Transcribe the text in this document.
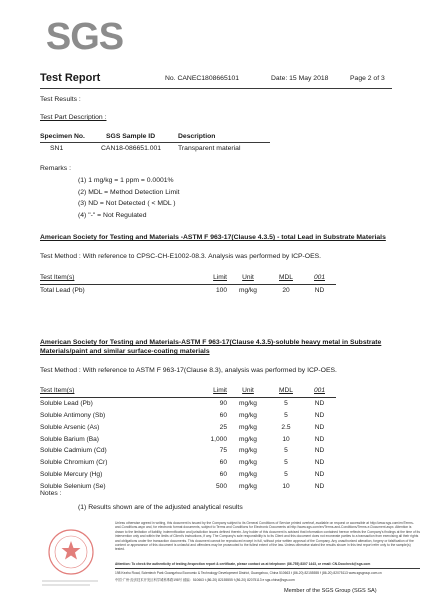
SGS
Test Report	No. CANEC1808665101	Date: 15 May 2018	Page 2 of 3
Test Results :
Test Part Description :
Specimen No.	SGS Sample ID	Description
SN1	CAN18-086651.001 Transparent material
Remarks :
(1) 1 mg/kg = 1 ppm = 0.0001%
(2) MDL = Method Detection Limit
(3) ND = Not Detected ( < MDL )
(4) "-" = Not Regulated
American Society for Testing and Materials -ASTM F 963-17(Clause 4.3.5) - total Lead in Substrate Materials
Test Method : With reference to CPSC-CH-E1002-08.3. Analysis was performed by ICP-OES.
Test Item(s)	Limit	Unit	MDL	001
Total Lead (Pb)	100	mg/kg	20	ND
American Society for Testing and Materials-ASTM F 963-17(Clause 4.3.5)-soluble heavy metal in Substrate
Materials/paint and similar surface-coating materials
Test Method : With reference to ASTM F 963-17(Clause 8.3), analysis was performed by ICP-OES.
Test Item(s)	Limit	Unit	MDL	001
Soluble Lead (Pb)	90	mg/kg	5	ND
Soluble Antimony (Sb)	60	mg/kg	5	ND
Soluble Arsenic (As)	25	mg/kg	2.5	ND
Soluble Barium (Ba)	1,000	mg/kg	10	ND
Soluble Cadmium (Cd)	75	mg/kg	5	ND
Soluble Chromium (Cr)	60	mg/kg	5	ND
Soluble Mercury (Hg)	60	mg/kg	5	ND
Soluble Selenium (Se)	500	mg/kg	10	ND
Notes :
(1) Results shown are of the adjusted analytical results
Unless otherwise agreed in writing, this document is issued by the Company subject to its General Conditions of Service printed overleaf, available on request or accessible at http://www.sgs.com/en/Terms-and-Conditions.aspx and, for electronic format documents, subject to Terms and Conditions for Electronic Documents at http://www.sgs.com/en/Terms-and-Conditions/Terms-e-Document.aspx. Attention is drawn to the limitation of liability, indemnification and jurisdiction issues defined therein. Any holder of this document is advised that information contained hereon reflects the Company's findings at the time of its intervention only and within the limits of Client's instructions, if any. The Company's sole responsibility is to its Client and this document does not exonerate parties to a transaction from exercising all their rights and obligations under the transaction documents. This document cannot be reproduced except in full, without prior written approval of the Company. Any unauthorized alteration, forgery or falsification of the content or appearance of this document is unlawful and offenders may be prosecuted to the fullest extent of the law. Unless otherwise stated the results shown in this test report refer only to the sample(s) tested.
Attention: To check the authenticity of testing /inspection report & certificate, please contact us at telephone: (86-755) 8307 1443, or email: CN.Doccheck@sgs.com
198 Kezhu Road, Scientech Park Guangzhou Economic & Technology Development District, Guangzhou, China 510663 t (86-20) 82155555 f (86-20) 82075113 www.sgsgroup.com.cn
中国·广州·经济技术开发区科学城科珠路198号 邮编：510663 t (86-20) 82155555 f (86-20) 82075113 e sgs.china@sgs.com
Member of the SGS Group (SGS SA)
